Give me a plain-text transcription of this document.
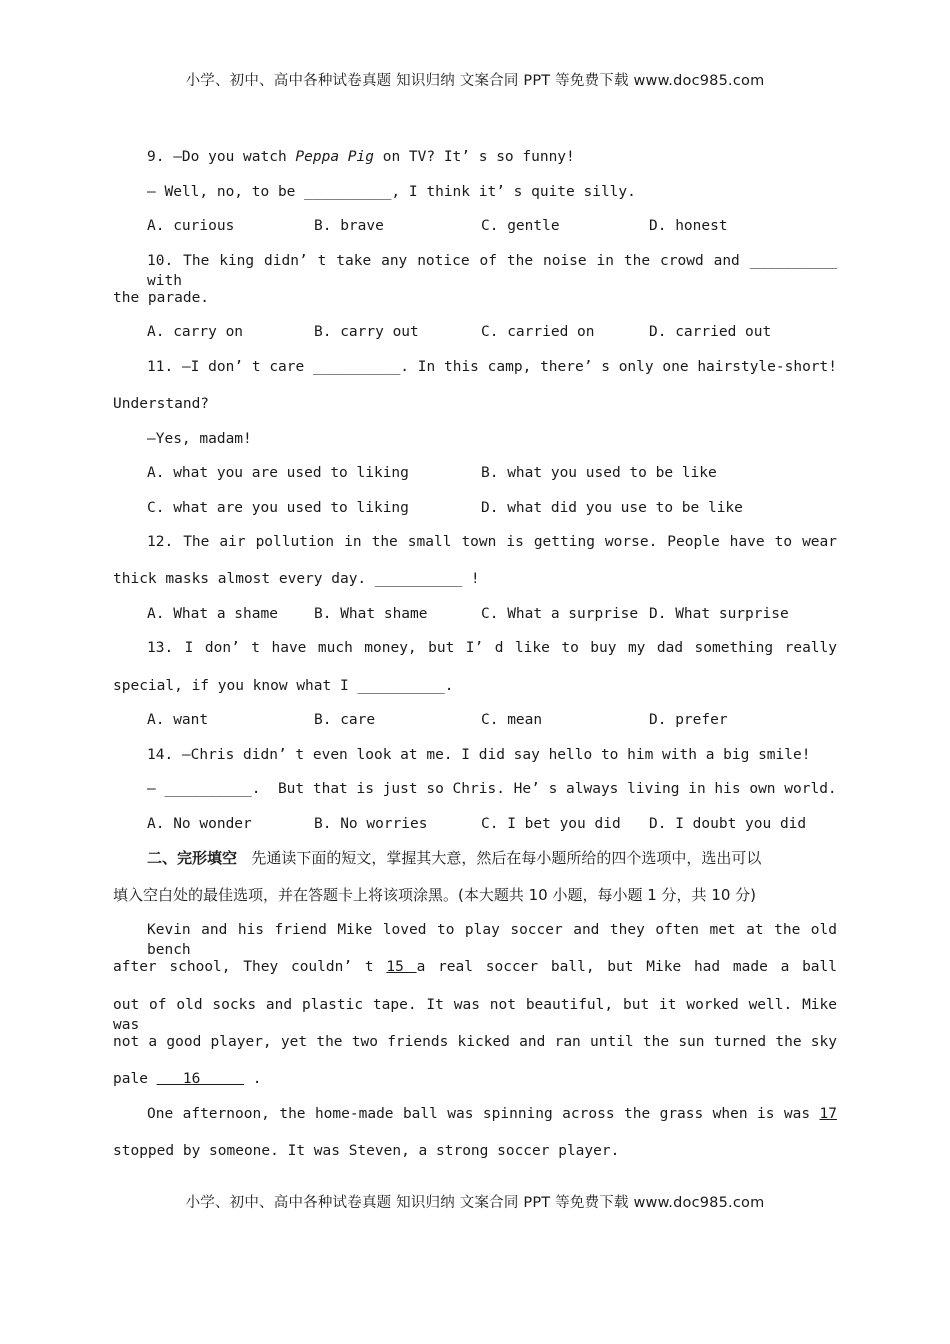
小学、初中、高中各种试卷真题 知识归纳 文案合同 PPT 等免费下载 www.doc985.com
9. —Do you watch Peppa Pig on TV? It’ s so funny!
— Well, no, to be __________, I think it’ s quite silly.

A. curious

	B. brave

	C. gentle

	D. honest

10. The king didn’ t take any notice of the noise in the crowd and __________ with
the parade.

A. carry on

	B. carry out

	C. carried on

	D. carried out

11. —I don’ t care __________. In this camp, there’ s only one hairstyle-short!
Understand?
—Yes, madam!

A. what you are used to liking

	B. what you used to be like

C. what are you used to liking

	D. what did you use to be like

12. The air pollution in the small town is getting worse. People have to wear
thick masks almost every day. __________ !

A. What a shame

B. What shame

	C. What a surprise

D. What surprise

13. I don’ t have much money, but I’ d like to buy my dad something really
special, if you know what I __________.

A. want

	B. care

	C. mean

	D. prefer

14. —Chris didn’ t even look at me. I did say hello to him with a big smile!
— __________.  But that is just so Chris. He’ s always living in his own world.

A. No wonder

	B. No worries

	C. I bet you did

D. I doubt you did

二、完形填空 先通读下面的短文，掌握其大意，然后在每小题所给的四个选项中，选出可以
填入空白处的最佳选项，并在答题卡上将该项涂黑。(本大题共 10 小题，每小题 1 分，共 10 分)
Kevin and his friend Mike loved to play soccer and they often met at the old bench
after school, They couldn’ t 15 a real soccer ball, but Mike had made a ball
out of old socks and plastic tape. It was not beautiful, but it worked well. Mike was
not a good player, yet the two friends kicked and ran until the sun turned the sky
pale    16      .
One afternoon, the home-made ball was spinning across the grass when is was 17
stopped by someone. It was Steven, a strong soccer player.
小学、初中、高中各种试卷真题 知识归纳 文案合同 PPT 等免费下载 www.doc985.com
